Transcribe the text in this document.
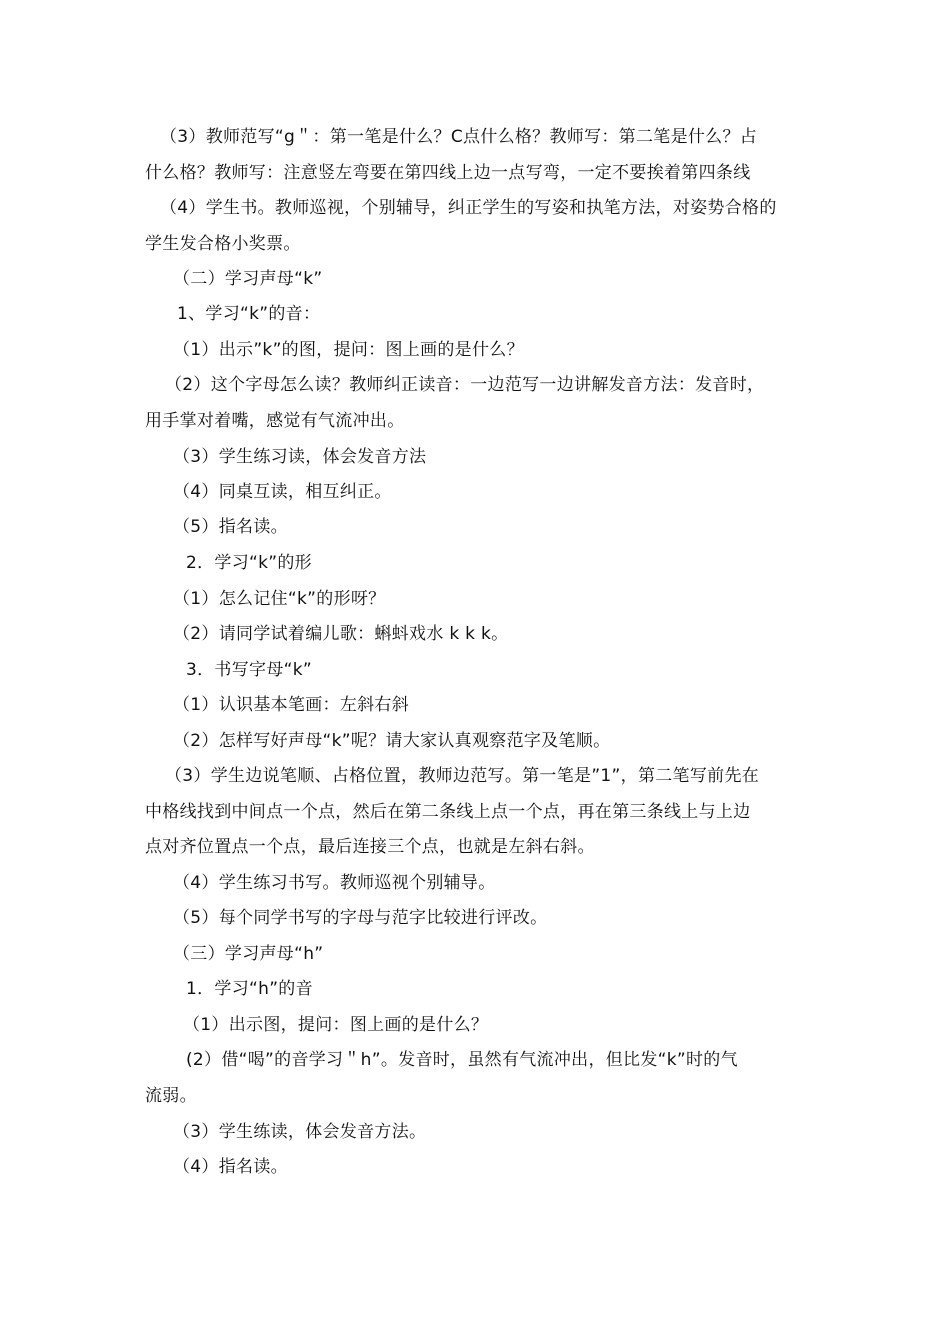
（3）教师范写“g＂：第一笔是什么？C点什么格？教师写：第二笔是什么？占
什么格？教师写：注意竖左弯要在第四线上边一点写弯，一定不要挨着第四条线
（4）学生书。教师巡视，个别辅导，纠正学生的写姿和执笔方法，对姿势合格的
学生发合格小奖票。
（二）学习声母“k”
1、学习“k”的音：
（1）出示”k”的图，提问：图上画的是什么？
（2）这个字母怎么读？教师纠正读音：一边范写一边讲解发音方法：发音时，
用手掌对着嘴，感觉有气流冲出。
（3）学生练习读，体会发音方法
（4）同桌互读，相互纠正。
（5）指名读。
2．学习“k”的形
（1）怎么记住“k”的形呀？
（2）请同学试着编儿歌：蝌蚪戏水 k k k。
3．书写字母“k”
（1）认识基本笔画：左斜右斜
（2）怎样写好声母“k”呢？请大家认真观察范字及笔顺。
（3）学生边说笔顺、占格位置，教师边范写。第一笔是”1”，第二笔写前先在
中格线找到中间点一个点，然后在第二条线上点一个点，再在第三条线上与上边
点对齐位置点一个点，最后连接三个点，也就是左斜右斜。
（4）学生练习书写。教师巡视个别辅导。
（5）每个同学书写的字母与范字比较进行评改。
（三）学习声母“h”
1．学习“h”的音
（1）出示图，提问：图上画的是什么？
(2）借“喝”的音学习＂h”。发音时，虽然有气流冲出，但比发“k”时的气
流弱。
（3）学生练读，体会发音方法。
（4）指名读。
